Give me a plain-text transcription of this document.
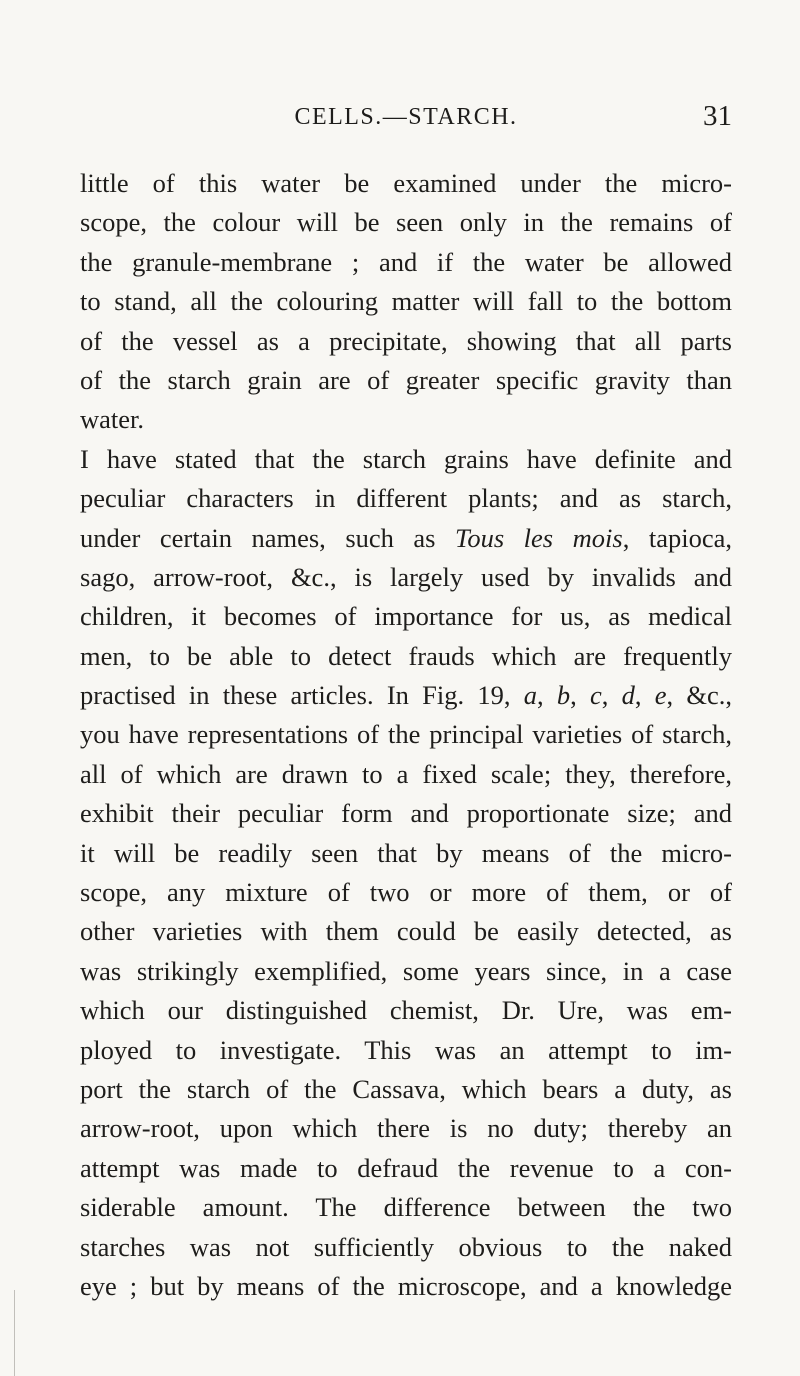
CELLS.—STARCH.	31
little of this water be examined under the micro-
scope, the colour will be seen only in the remains of
the granule-membrane ; and if the water be allowed
to stand, all the colouring matter will fall to the bottom
of the vessel as a precipitate, showing that all parts
of the starch grain are of greater specific gravity than
water.
I have stated that the starch grains have definite and
peculiar characters in different plants; and as starch,
under certain names, such as Tous les mois, tapioca,
sago, arrow-root, &c., is largely used by invalids and
children, it becomes of importance for us, as medical
men, to be able to detect frauds which are frequently
practised in these articles. In Fig. 19, a, b, c, d, e, &c.,
you have representations of the principal varieties of starch,
all of which are drawn to a fixed scale; they, therefore,
exhibit their peculiar form and proportionate size; and
it will be readily seen that by means of the micro-
scope, any mixture of two or more of them, or of
other varieties with them could be easily detected, as
was strikingly exemplified, some years since, in a case
which our distinguished chemist, Dr. Ure, was em-
ployed to investigate. This was an attempt to im-
port the starch of the Cassava, which bears a duty, as
arrow-root, upon which there is no duty; thereby an
attempt was made to defraud the revenue to a con-
siderable amount. The difference between the two
starches was not sufficiently obvious to the naked
eye ; but by means of the microscope, and a knowledge
